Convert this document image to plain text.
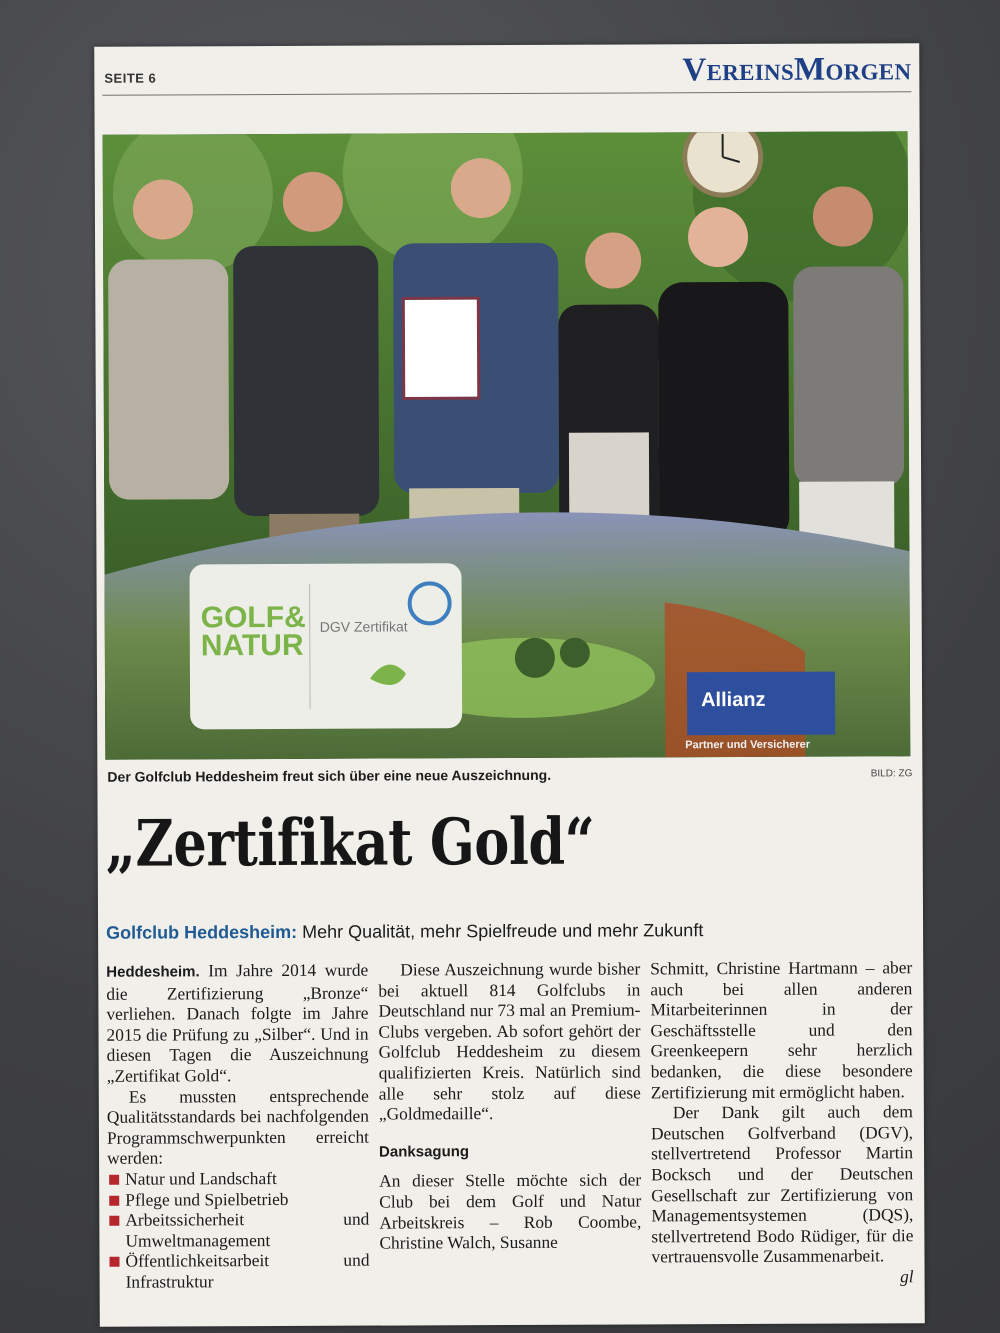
SEITE 6	VereinsMorgen
GOLF&
NATUR
DGV Zertifikat
Allianz
Partner und Versicherer
Der Golfclub Heddesheim freut sich über eine neue Auszeichnung.	BILD: ZG
„Zertifikat Gold“
Golfclub Heddesheim: Mehr Qualität, mehr Spielfreude und mehr Zukunft

Heddesheim. Im Jahre 2014 wurde die Zertifizierung „Bronze“ verliehen. Danach folgte im Jahre 2015 die Prüfung zu „Silber“. Und in diesen Tagen die Auszeichnung „Zertifikat Gold“.

Es mussten entsprechende Qualitätsstandards bei nachfolgenden Programmschwerpunkten erreicht werden:

Natur und Landschaft
Pflege und Spielbetrieb
Arbeitssicherheit und Umweltmanagement
Öffentlichkeitsarbeit und Infrastruktur

Diese Auszeichnung wurde bisher bei aktuell 814 Golfclubs in Deutschland nur 73 mal an Premium-Clubs vergeben. Ab sofort gehört der Golfclub Heddesheim zu diesem qualifizierten Kreis. Natürlich sind alle sehr stolz auf diese „Goldmedaille“.

Danksagung

An dieser Stelle möchte sich der Club bei dem Golf und Natur Arbeitskreis – Rob Coombe, Christine Walch, Susanne

Schmitt, Christine Hartmann – aber auch bei allen anderen Mitarbeiterinnen in der Geschäftsstelle und den Greenkeepern sehr herzlich bedanken, die diese besondere Zertifizierung mit ermöglicht haben.

Der Dank gilt auch dem Deutschen Golfverband (DGV), stellvertretend Professor Martin Bocksch und der Deutschen Gesellschaft zur Zertifizierung von Managementsystemen (DQS), stellvertretend Bodo Rüdiger, für die vertrauensvolle Zusammenarbeit.
gl
